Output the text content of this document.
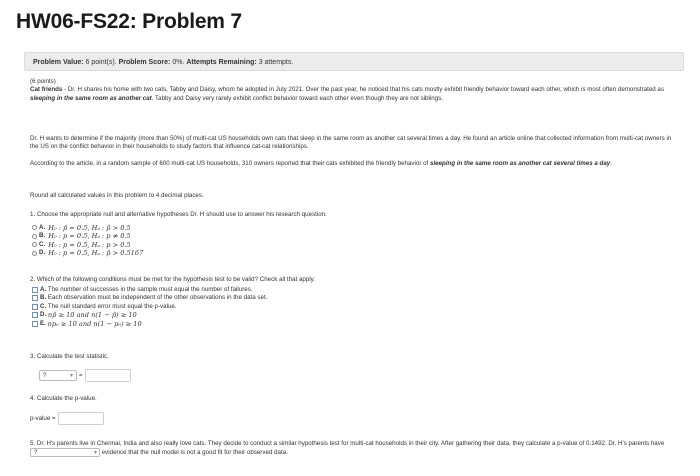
HW06-FS22: Problem 7
Problem Value: 6 point(s). Problem Score: 0%. Attempts Remaining: 3 attempts.

(6 points)

Cat friends - Dr. H shares his home with two cats, Tabby and Daisy, whom he adopted in July 2021. Over the past year, he noticed that his cats mostly exhibit friendly behavior toward each other, which is most often demonstrated as sleeping in the same room as another cat. Tabby and Daisy very rarely exhibit conflict behavior toward each other even though they are not siblings.

Dr. H wants to determine if the majority (more than 50%) of multi-cat US households own cats that sleep in the same room as another cat several times a day. He found an article online that collected information from multi-cat owners in the US on the conflict behavior in their households to study factors that influence cat-cat relationships.

According to the article, in a random sample of 600 multi-cat US households, 310 owners reported that their cats exhibited the friendly behavior of sleeping in the same room as another cat several times a day.

Round all calculated values in this problem to 4 decimal places.

1. Choose the appropriate null and alternative hypotheses Dr. H should use to answer his research question.

A. H₀ : p̂ = 0.5, Hₐ : p̂ > 0.5
B. H₀ : p = 0.5, Hₐ : p ≠ 0.5
C. H₀ : p = 0.5, Hₐ : p > 0.5
D. H₀ : p = 0.5, Hₐ : p̂ > 0.5167

2. Which of the following conditions must be met for the hypothesis test to be valid? Check all that apply.

A.
The number of successes in the sample must equal the number of failures.
B.
Each observation must be independent of the other observations in the data set.
C.
The null standard error must equal the p-value.
D.
np̂ ≥ 10 and n(1 − p̂) ≥ 10
E.
np₀ ≥ 10 and n(1 − p₀) ≥ 10

3. Calculate the test statistic.

?	▾ =

4. Calculate the p-value.

p-value =

5. Dr. H's parents live in Chennai, India and also really love cats. They decide to conduct a similar hypothesis test for multi-cat households in their city. After gathering their data, they calculate a p-value of 0.1492. Dr. H's parents have ?	▾ evidence that the null model is not a good fit for their observed data.
